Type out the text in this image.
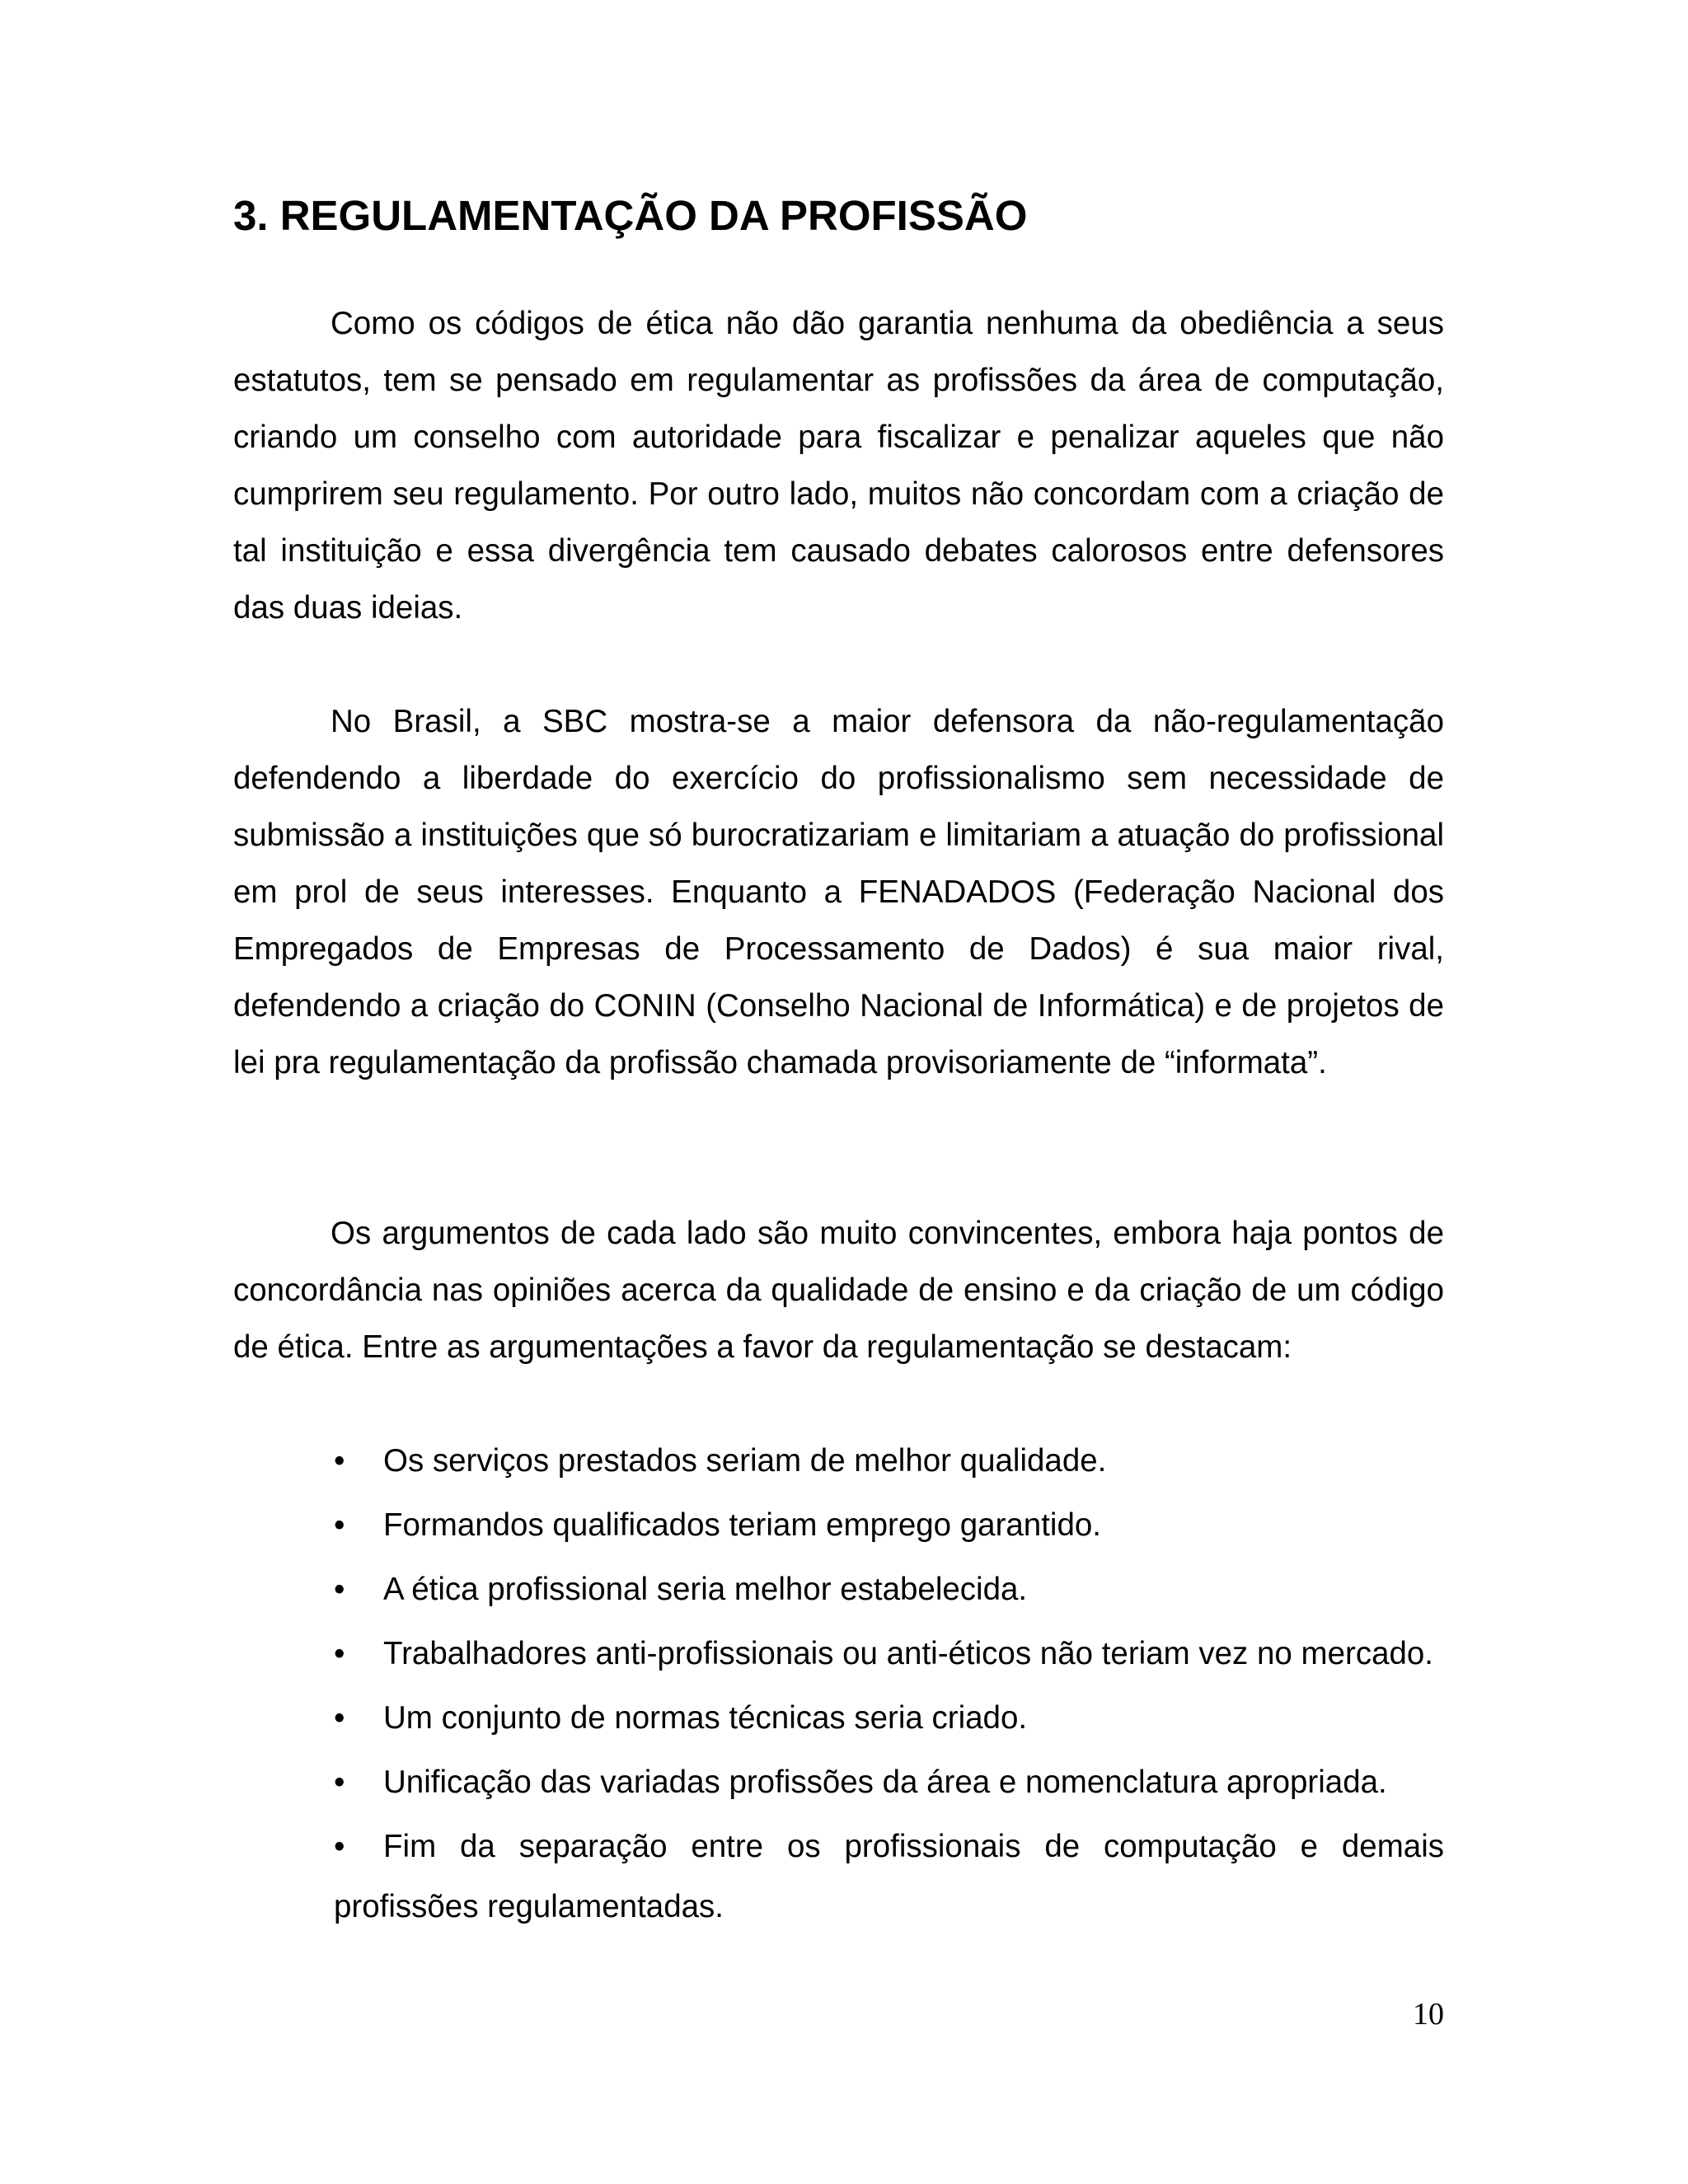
3. REGULAMENTAÇÃO DA PROFISSÃO

Como os códigos de ética não dão garantia nenhuma da obediência a seus estatutos, tem se pensado em regulamentar as profissões da área de computação, criando um conselho com autoridade para fiscalizar e penalizar aqueles que não cumprirem seu regulamento. Por outro lado, muitos não concordam com a criação de tal instituição e essa divergência tem causado debates calorosos entre defensores das duas ideias.

No Brasil, a SBC mostra-se a maior defensora da não-regulamentação defendendo a liberdade do exercício do profissionalismo sem necessidade de submissão a instituições que só burocratizariam e limitariam a atuação do profissional em prol de seus interesses. Enquanto a FENADADOS (Federação Nacional dos Empregados de Empresas de Processamento de Dados) é sua maior rival, defendendo a criação do CONIN (Conselho Nacional de Informática) e de projetos de lei pra regulamentação da profissão chamada provisoriamente de “informata”.

Os argumentos de cada lado são muito convincentes, embora haja pontos de concordância nas opiniões acerca da qualidade de ensino e da criação de um código de ética. Entre as argumentações a favor da regulamentação se destacam:

• Os serviços prestados seriam de melhor qualidade.
• Formandos qualificados teriam emprego garantido.
• A ética profissional seria melhor estabelecida.
• Trabalhadores anti-profissionais ou anti-éticos não teriam vez no mercado.
• Um conjunto de normas técnicas seria criado.
• Unificação das variadas profissões da área e nomenclatura apropriada.
• Fim da separação entre os profissionais de computação e demais profissões regulamentadas.

10
